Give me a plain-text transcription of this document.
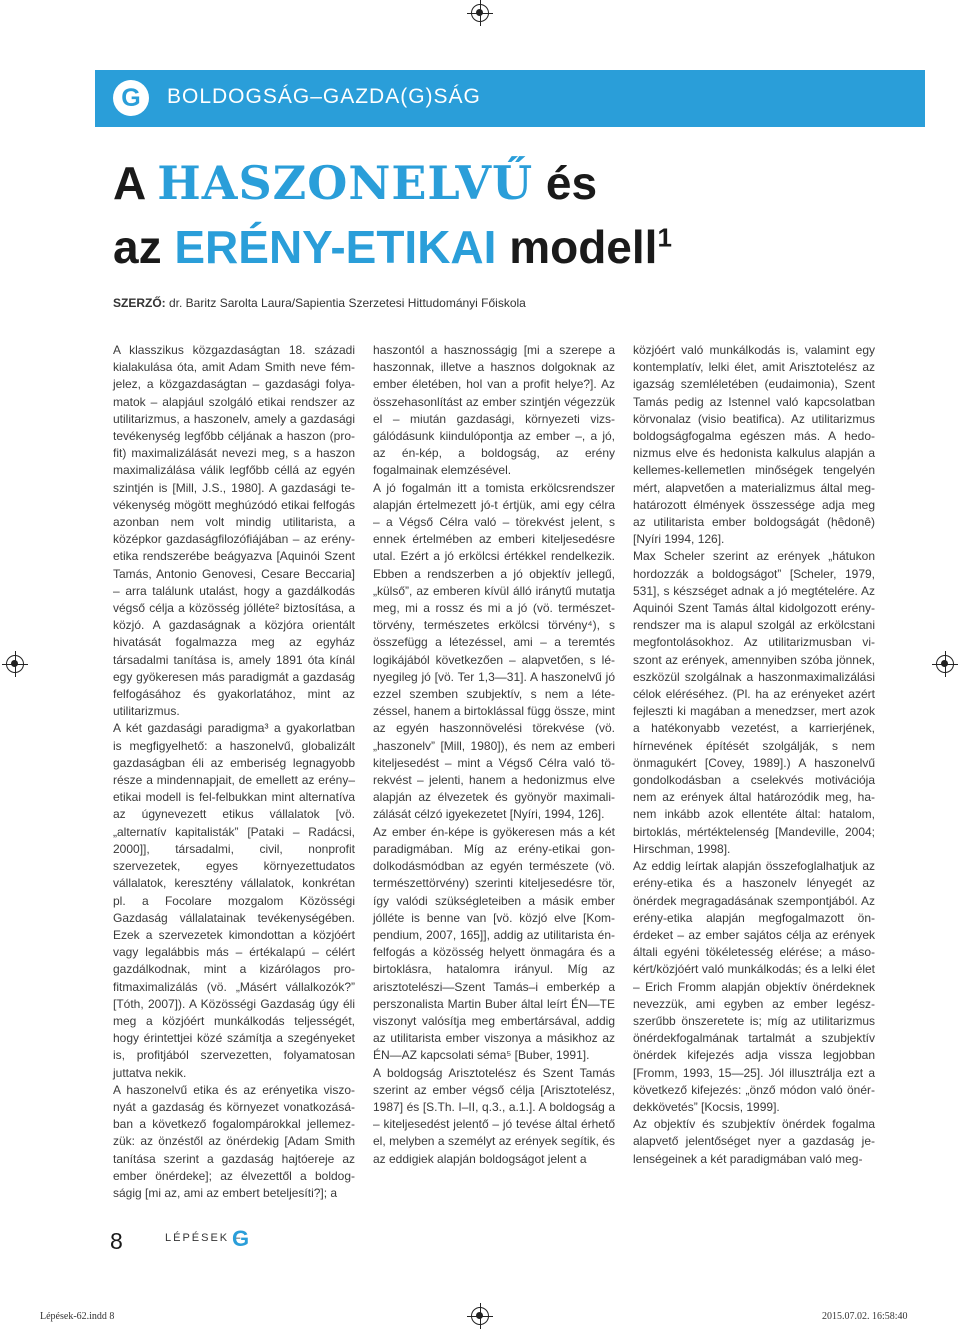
G	BOLDOGSÁG–GAZDA(G)SÁG
A HASZONELVŰ és
az ERÉNY-ETIKAI modell$^1$
SZERZŐ: dr. Baritz Sarolta Laura/Sapientia Szerzetesi Hittudományi Főiskola

A klasszikus közgazdaságtan 18. századi kialakulása óta, amit Adam Smith neve fémjelez, a közgazdaságtan – gazdasági folyamatok – alapjául szolgáló etikai rendszer az utilitarizmus, a haszonelv, amely a gazdasági tevékenység legfőbb céljának a haszon (profit) maximalizálását nevezi meg, s a haszon maximalizálása válik legfőbb céllá az egyén szintjén is [Mill, J.S., 1980]. A gazdasági tevékenység mögött meghúzódó etikai felfogás azonban nem volt mindig utilitarista, a középkor gazdaságfilozófiájában – az erényetika rendszerébe beágyazva [Aquinói Szent Tamás, Antonio Genovesi, Cesare Beccaria] – arra találunk utalást, hogy a gazdálkodás végső célja a közösség jólléte² biztosítása, a közjó. A gazdaságnak a közjóra orientált hivatását fogalmazza meg az egyház társadalmi tanítása is, amely 1891 óta kínál egy gyökeresen más paradigmát a gazdaság felfogásához és gyakorlatához, mint az utilitarizmus.

A két gazdasági paradigma³ a gyakorlatban is megfigyelhető: a haszonelvű, globalizált gazdaságban éli az emberiség legnagyobb része a mindennapjait, de emellett az erény–etikai modell is fel-felbukkan mint alternatíva az úgynevezett etikus vállalatok [vö. „alternatív kapitalisták” [Pataki – Radácsi, 2000]], társadalmi, civil, nonprofit szervezetek, egyes környezettudatos vállalatok, keresztény vállalatok, konkrétan pl. a Focolare mozgalom Közösségi Gazdaság vállalatainak tevékenységében. Ezek a szervezetek kimondottan a közjóért vagy legalábbis más – értékalapú – célért gazdálkodnak, mint a kizárólagos profitmaximalizálás (vö. „Másért vállalkozók?” [Tóth, 2007]). A Közösségi Gazdaság úgy éli meg a közjóért munkálkodás teljességét, hogy érintettjei közé számítja a szegényeket is, profitjából szervezetten, folyamatosan juttatva nekik.

A haszonelvű etika és az erényetika viszonyát a gazdaság és környezet vonatkozásában a következő fogalompárokkal jellemezzük: az önzéstől az önérdekig [Adam Smith tanítása szerint a gazdaság hajtóereje az ember önérdeke]; az élvezettől a boldogságig [mi az, ami az embert beteljesíti?]; a

haszontól a hasznosságig [mi a szerepe a haszonnak, illetve a hasznos dolgoknak az ember életében, hol van a profit helye?]. Az összehasonlítást az ember szintjén végezzük el – miután gazdasági, környezeti vizsgálódásunk kiindulópontja az ember –, a jó, az én-kép, a boldogság, az erény fogalmainak elemzésével.

A jó fogalmán itt a tomista erkölcsrendszer alapján értelmezett jó-t értjük, ami egy célra – a Végső Célra való – törekvést jelent, s ennek értelmében az emberi kiteljesedésre utal. Ezért a jó erkölcsi értékkel rendelkezik. Ebben a rendszerben a jó objektív jellegű, „külső”, az emberen kívül álló iránytű mutatja meg, mi a rossz és mi a jó (vö. természettörvény, természetes erkölcsi törvény⁴), s összefügg a létezéssel, ami – a teremtés logikájából következően – alapvetően, s lényegileg jó [vö. Ter 1,3—31]. A haszonelvű jó ezzel szemben szubjektív, s nem a létezéssel, hanem a birtoklással függ össze, mint az egyén haszonnövelési törekvése (vö. „haszonelv” [Mill, 1980]), és nem az emberi kiteljesedést – mint a Végső Célra való törekvést – jelenti, hanem a hedonizmus elve alapján az élvezetek és gyönyör maximalizálását célzó igyekezetet [Nyíri, 1994, 126].

Az ember én-képe is gyökeresen más a két paradigmában. Míg az erény-etikai gondolkodásmódban az egyén természete (vö. természettörvény) szerinti kiteljesedésre tör, így valódi szükségleteiben a másik ember jólléte is benne van [vö. közjó elve [Kompendium, 2007, 165]], addig az utilitarista én-felfogás a közösség helyett önmagára és a birtoklásra, hatalomra irányul. Míg az arisztotelészi—Szent Tamás–i emberkép a perszonalista Martin Buber által leírt ÉN—TE viszonyt valósítja meg embertársával, addig az utilitarista ember viszonya a másikhoz az ÉN—AZ kapcsolati séma⁵ [Buber, 1991].

A boldogság Arisztotelész és Szent Tamás szerint az ember végső célja [Arisztotelész, 1987] és [S.Th. I–II, q.3., a.1.]. A boldogság a – kiteljesedést jelentő – jó tevése által érhető el, melyben a személyt az erények segítik, és az eddigiek alapján boldogságot jelent a

közjóért való munkálkodás is, valamint egy kontemplatív, lelki élet, amit Arisztotelész az igazság szemléletében (eudaimonia), Szent Tamás pedig az Istennel való kapcsolatban körvonalaz (visio beatifica). Az utilitarizmus boldogságfogalma egészen más. A hedonizmus elve és hedonista kalkulus alapján a kellemes-kellemetlen minőségek tengelyén mért, alapvetően a materializmus által meghatározott élmények összessége adja meg az utilitarista ember boldogságát (hêdonê) [Nyíri 1994, 126].

Max Scheler szerint az erények „hátukon hordozzák a boldogságot” [Scheler, 1979, 531], s készséget adnak a jó megtételére. Az Aquinói Szent Tamás által kidolgozott erényrendszer ma is alapul szolgál az erkölcstani megfontolásokhoz. Az utilitarizmusban viszont az erények, amennyiben szóba jönnek, eszközül szolgálnak a haszonmaximalizálási célok eléréséhez. (Pl. ha az erényeket azért fejleszti ki magában a menedzser, mert azok a hatékonyabb vezetést, a karrierjének, hírnevének építését szolgálják, s nem önmagukért [Covey, 1989].) A haszonelvű gondolkodásban a cselekvés motivációja nem az erények által határozódik meg, hanem inkább azok ellentéte által: hatalom, birtoklás, mértéktelenség [Mandeville, 2004; Hirschman, 1998].

Az eddig leírtak alapján összefoglalhatjuk az erény-etika és a haszonelv lényegét az önérdek megragadásának szempontjából. Az erény-etika alapján megfogalmazott önérdeket – az ember sajátos célja az erények általi egyéni tökéletesség elérése; a másokért/közjóért való munkálkodás; és a lelki élet – Erich Fromm alapján objektív önérdeknek nevezzük, ami egyben az ember legészszerűbb önszeretete is; míg az utilitarizmus önérdekfogalmának tartalmát a szubjektív önérdek kifejezés adja vissza legjobban [Fromm, 1993, 15—25]. Jól illusztrálja ezt a következő kifejezés: „önző módon való önérdekkövetés” [Kocsis, 1999].

Az objektív és szubjektív önérdek fogalma alapvető jelentőséget nyer a gazdaság jelenségeinek a két paradigmában való meg-

8	LÉPÉSEK –
G
Lépések-62.indd 8	2015.07.02. 16:58:40
